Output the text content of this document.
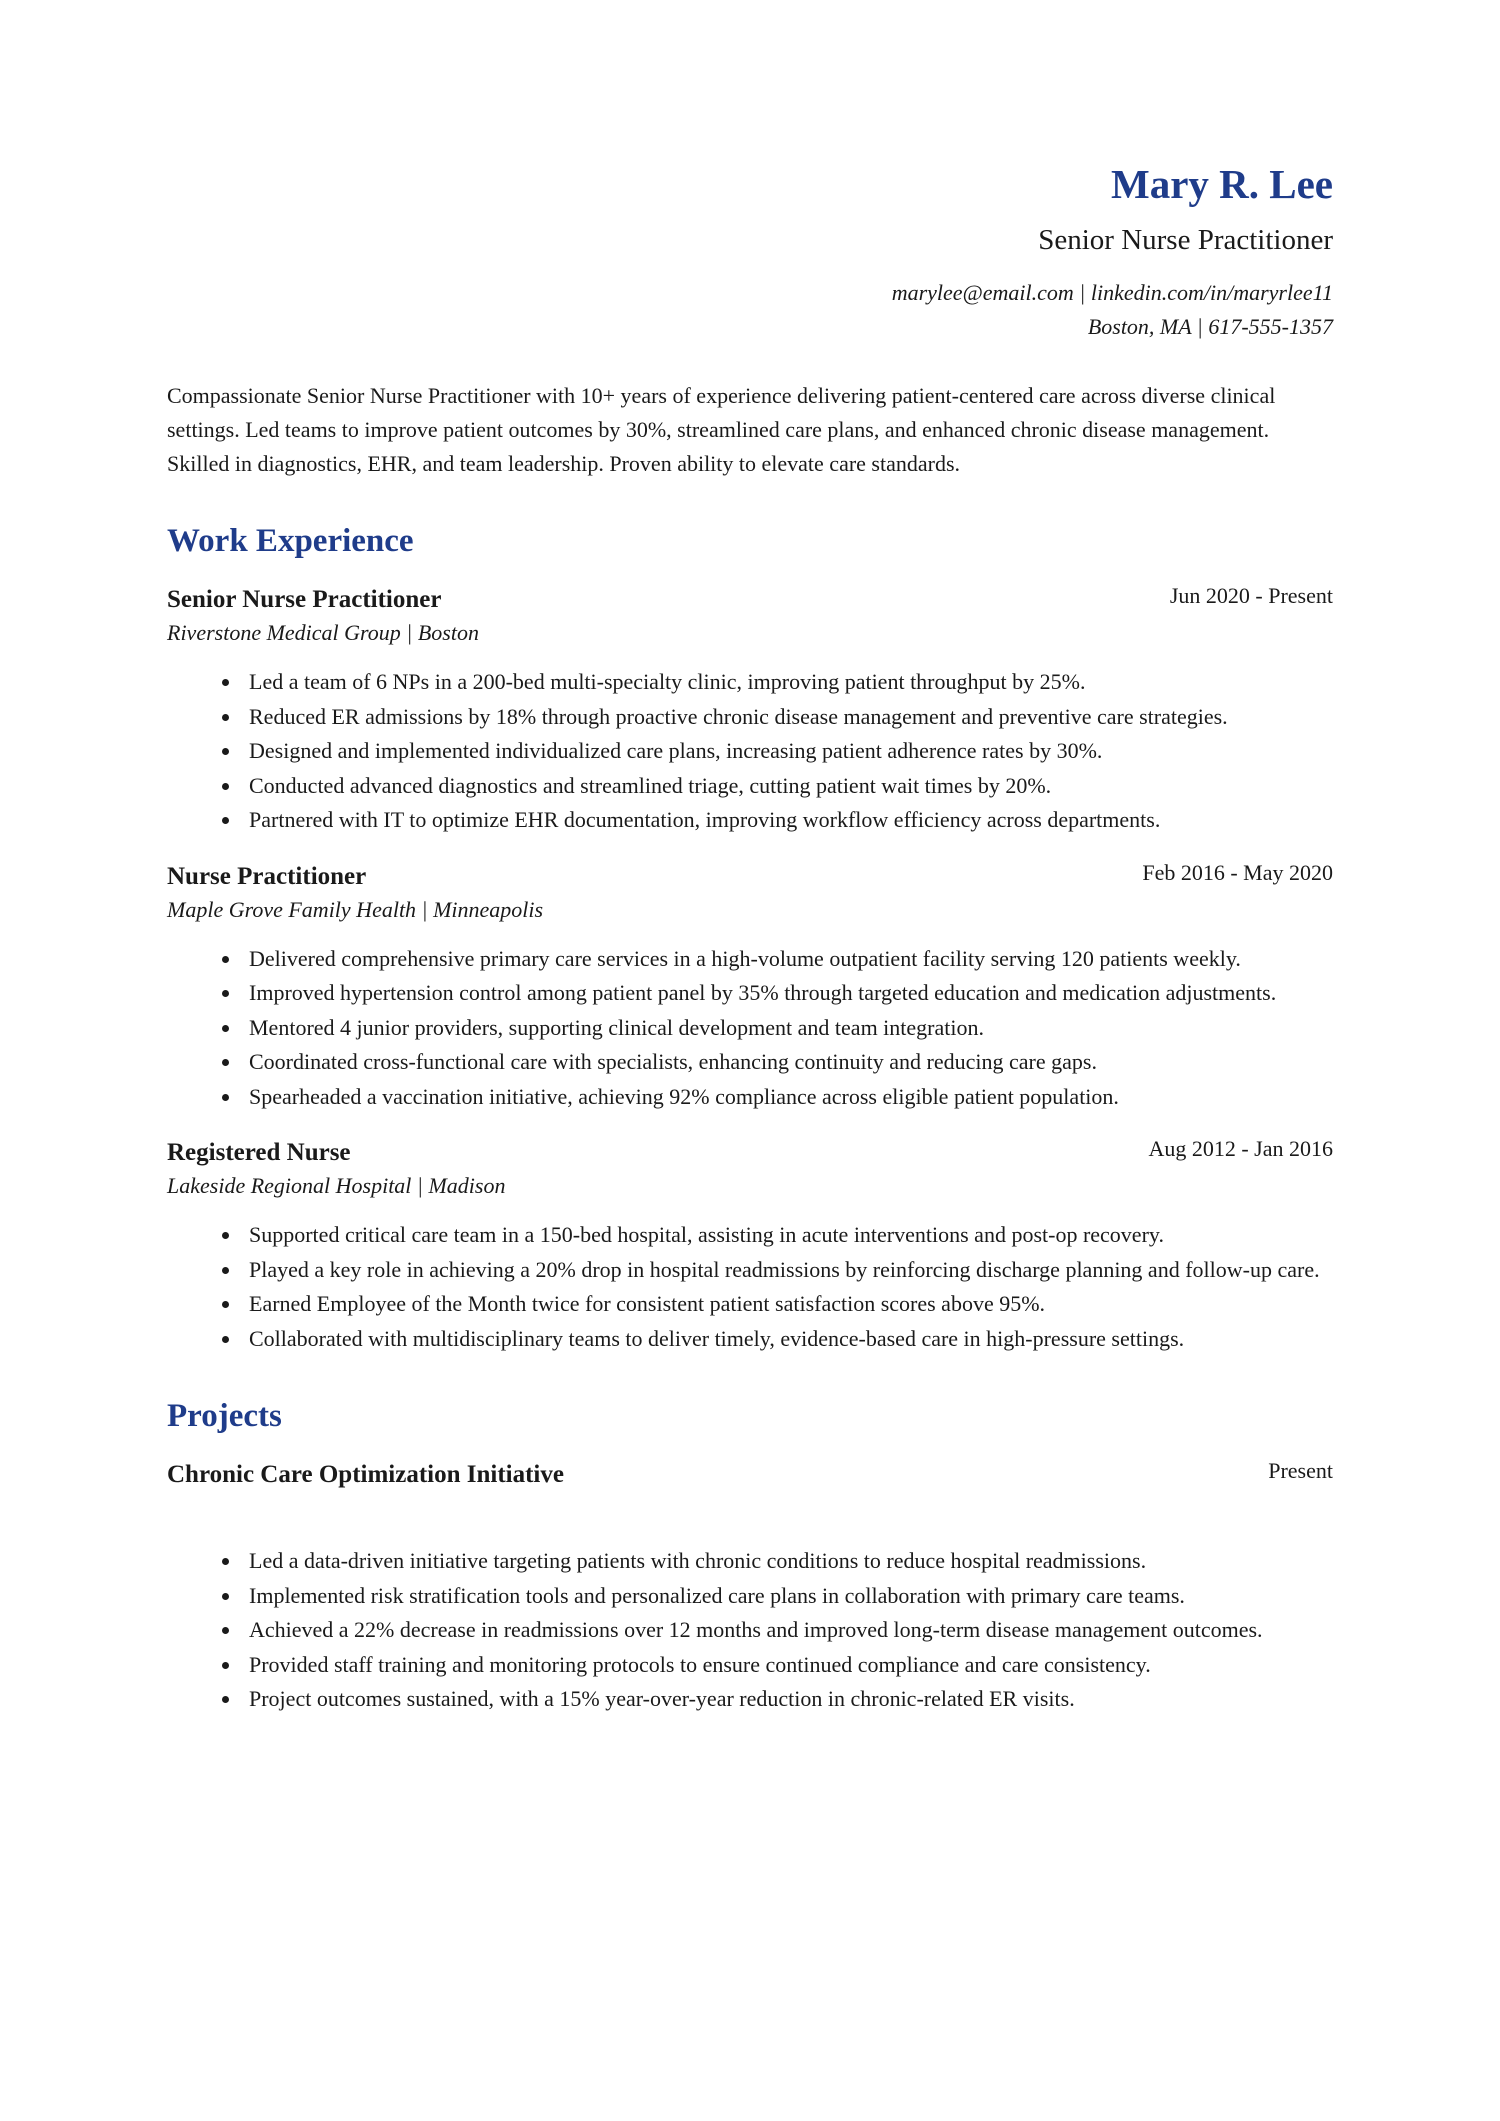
Mary R. Lee
Senior Nurse Practitioner
marylee@email.com | linkedin.com/in/maryrlee11
Boston, MA | 617-555-1357

Compassionate Senior Nurse Practitioner with 10+ years of experience delivering patient-centered care across diverse clinical settings. Led teams to improve patient outcomes by 30%, streamlined care plans, and enhanced chronic disease management. Skilled in diagnostics, EHR, and team leadership. Proven ability to elevate care standards.

Work Experience
Senior Nurse Practitioner	Jun 2020 - Present
Riverstone Medical Group | Boston
Led a team of 6 NPs in a 200-bed multi-specialty clinic, improving patient throughput by 25%.
Reduced ER admissions by 18% through proactive chronic disease management and preventive care strategies.
Designed and implemented individualized care plans, increasing patient adherence rates by 30%.
Conducted advanced diagnostics and streamlined triage, cutting patient wait times by 20%.
Partnered with IT to optimize EHR documentation, improving workflow efficiency across departments.
Nurse Practitioner	Feb 2016 - May 2020
Maple Grove Family Health | Minneapolis
Delivered comprehensive primary care services in a high-volume outpatient facility serving 120 patients weekly.
Improved hypertension control among patient panel by 35% through targeted education and medication adjustments.
Mentored 4 junior providers, supporting clinical development and team integration.
Coordinated cross-functional care with specialists, enhancing continuity and reducing care gaps.
Spearheaded a vaccination initiative, achieving 92% compliance across eligible patient population.
Registered Nurse	Aug 2012 - Jan 2016
Lakeside Regional Hospital | Madison
Supported critical care team in a 150-bed hospital, assisting in acute interventions and post-op recovery.
Played a key role in achieving a 20% drop in hospital readmissions by reinforcing discharge planning and follow-up care.
Earned Employee of the Month twice for consistent patient satisfaction scores above 95%.
Collaborated with multidisciplinary teams to deliver timely, evidence-based care in high-pressure settings.
Projects
Chronic Care Optimization Initiative	Present
Led a data-driven initiative targeting patients with chronic conditions to reduce hospital readmissions.
Implemented risk stratification tools and personalized care plans in collaboration with primary care teams.
Achieved a 22% decrease in readmissions over 12 months and improved long-term disease management outcomes.
Provided staff training and monitoring protocols to ensure continued compliance and care consistency.
Project outcomes sustained, with a 15% year-over-year reduction in chronic-related ER visits.
